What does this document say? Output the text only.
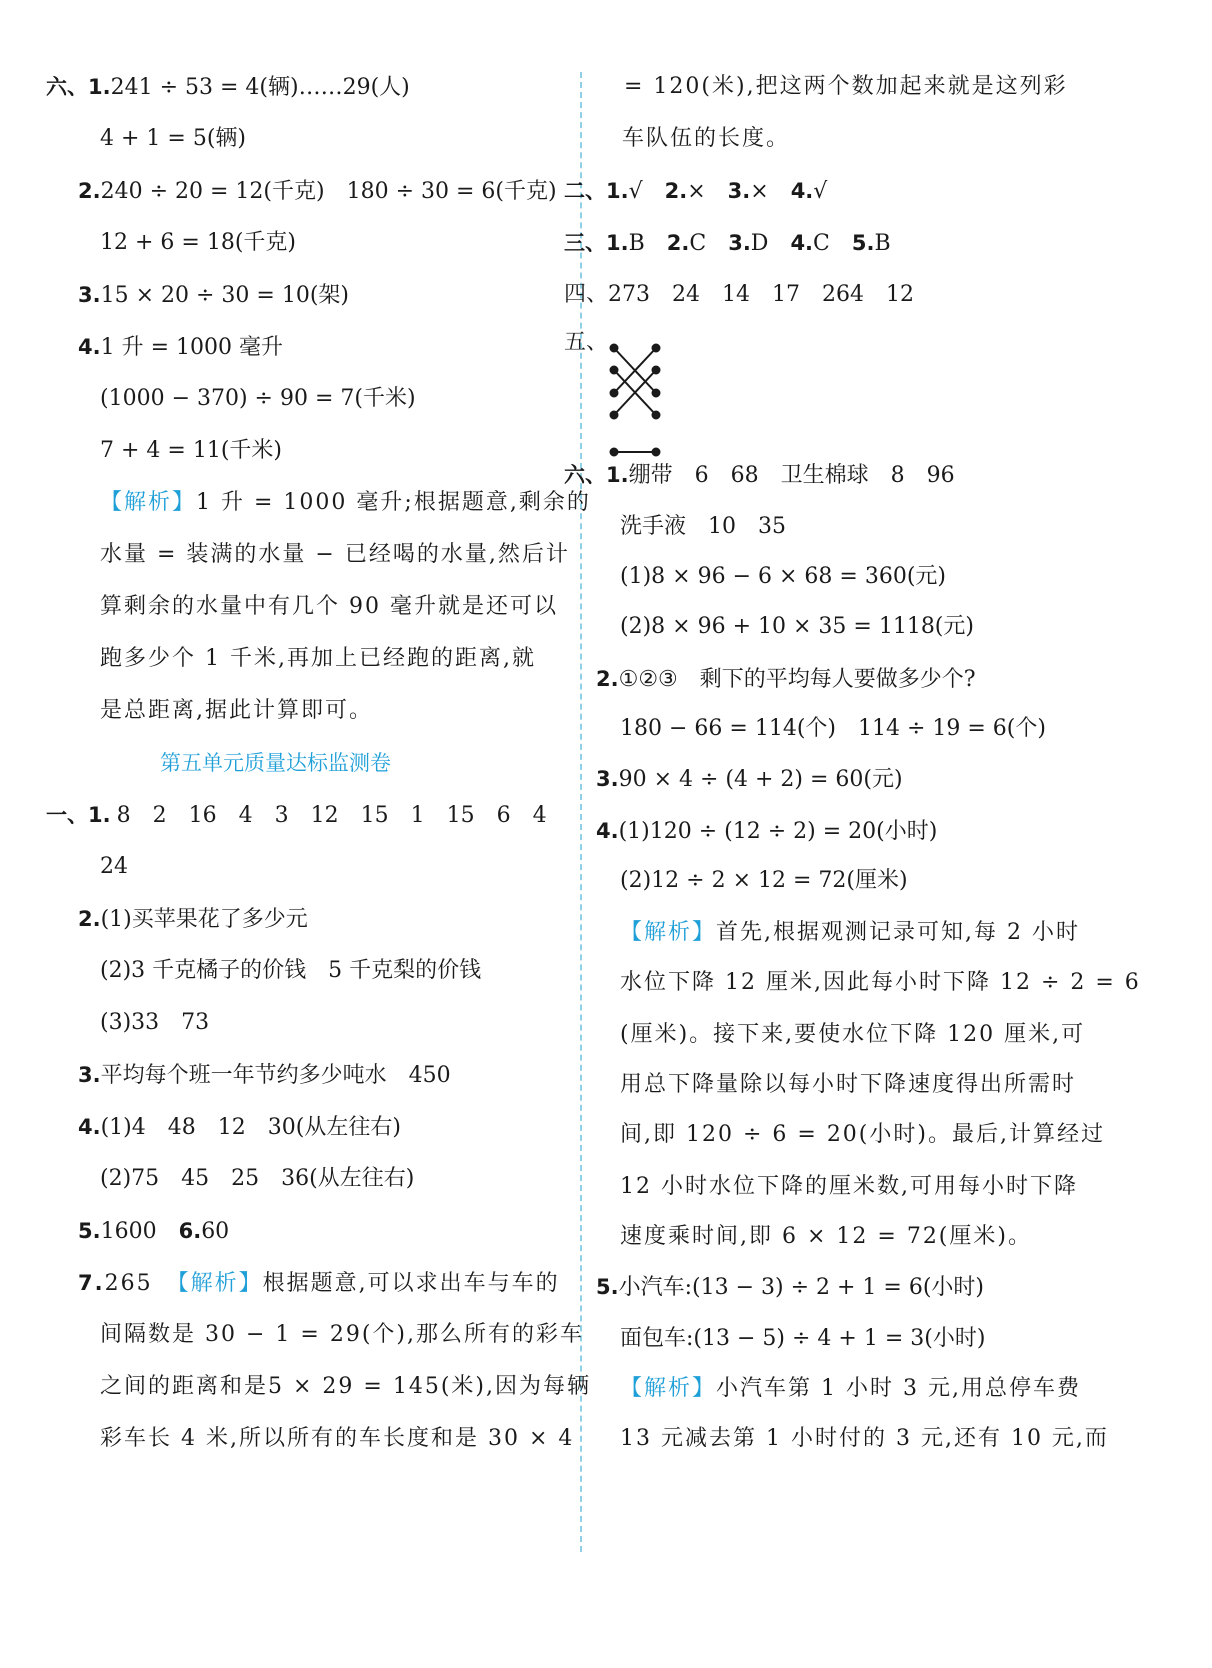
六、1.241 ÷ 53 = 4(辆)……29(人)
4 + 1 = 5(辆)
2.240 ÷ 20 = 12(千克) 180 ÷ 30 = 6(千克)
12 + 6 = 18(千克)
3.15 × 20 ÷ 30 = 10(架)
4.1 升 = 1000 毫升
(1000 − 370) ÷ 90 = 7(千米)
7 + 4 = 11(千米)
【解析】1 升 = 1000 毫升;根据题意,剩余的
水量 = 装满的水量 − 已经喝的水量,然后计
算剩余的水量中有几个 90 毫升就是还可以
跑多少个 1 千米,再加上已经跑的距离,就
是总距离,据此计算即可。
第五单元质量达标监测卷
一、1. 8 2 16 4 3 12 15 1 15 6 4
24
2.(1)买苹果花了多少元
(2)3 千克橘子的价钱 5 千克梨的价钱
(3)33 73
3.平均每个班一年节约多少吨水 450
4.(1)4 48 12 30(从左往右)
(2)75 45 25 36(从左往右)
5.1600 6.60
7.265 【解析】根据题意,可以求出车与车的
间隔数是 30 − 1 = 29(个),那么所有的彩车
之间的距离和是5 × 29 = 145(米),因为每辆
彩车长 4 米,所以所有的车长度和是 30 × 4
= 120(米),把这两个数加起来就是这列彩
车队伍的长度。
二、1.√ 2.× 3.× 4.√
三、1.B 2.C 3.D 4.C 5.B
四、273 24 14 17 264 12
五、
六、1.绷带 6 68 卫生棉球 8 96
洗手液 10 35
(1)8 × 96 − 6 × 68 = 360(元)
(2)8 × 96 + 10 × 35 = 1118(元)
2.①②③ 剩下的平均每人要做多少个?
180 − 66 = 114(个) 114 ÷ 19 = 6(个)
3.90 × 4 ÷ (4 + 2) = 60(元)
4.(1)120 ÷ (12 ÷ 2) = 20(小时)
(2)12 ÷ 2 × 12 = 72(厘米)
【解析】首先,根据观测记录可知,每 2 小时
水位下降 12 厘米,因此每小时下降 12 ÷ 2 = 6
(厘米)。接下来,要使水位下降 120 厘米,可
用总下降量除以每小时下降速度得出所需时
间,即 120 ÷ 6 = 20(小时)。最后,计算经过
12 小时水位下降的厘米数,可用每小时下降
速度乘时间,即 6 × 12 = 72(厘米)。
5.小汽车:(13 − 3) ÷ 2 + 1 = 6(小时)
面包车:(13 − 5) ÷ 4 + 1 = 3(小时)
【解析】小汽车第 1 小时 3 元,用总停车费
13 元减去第 1 小时付的 3 元,还有 10 元,而
